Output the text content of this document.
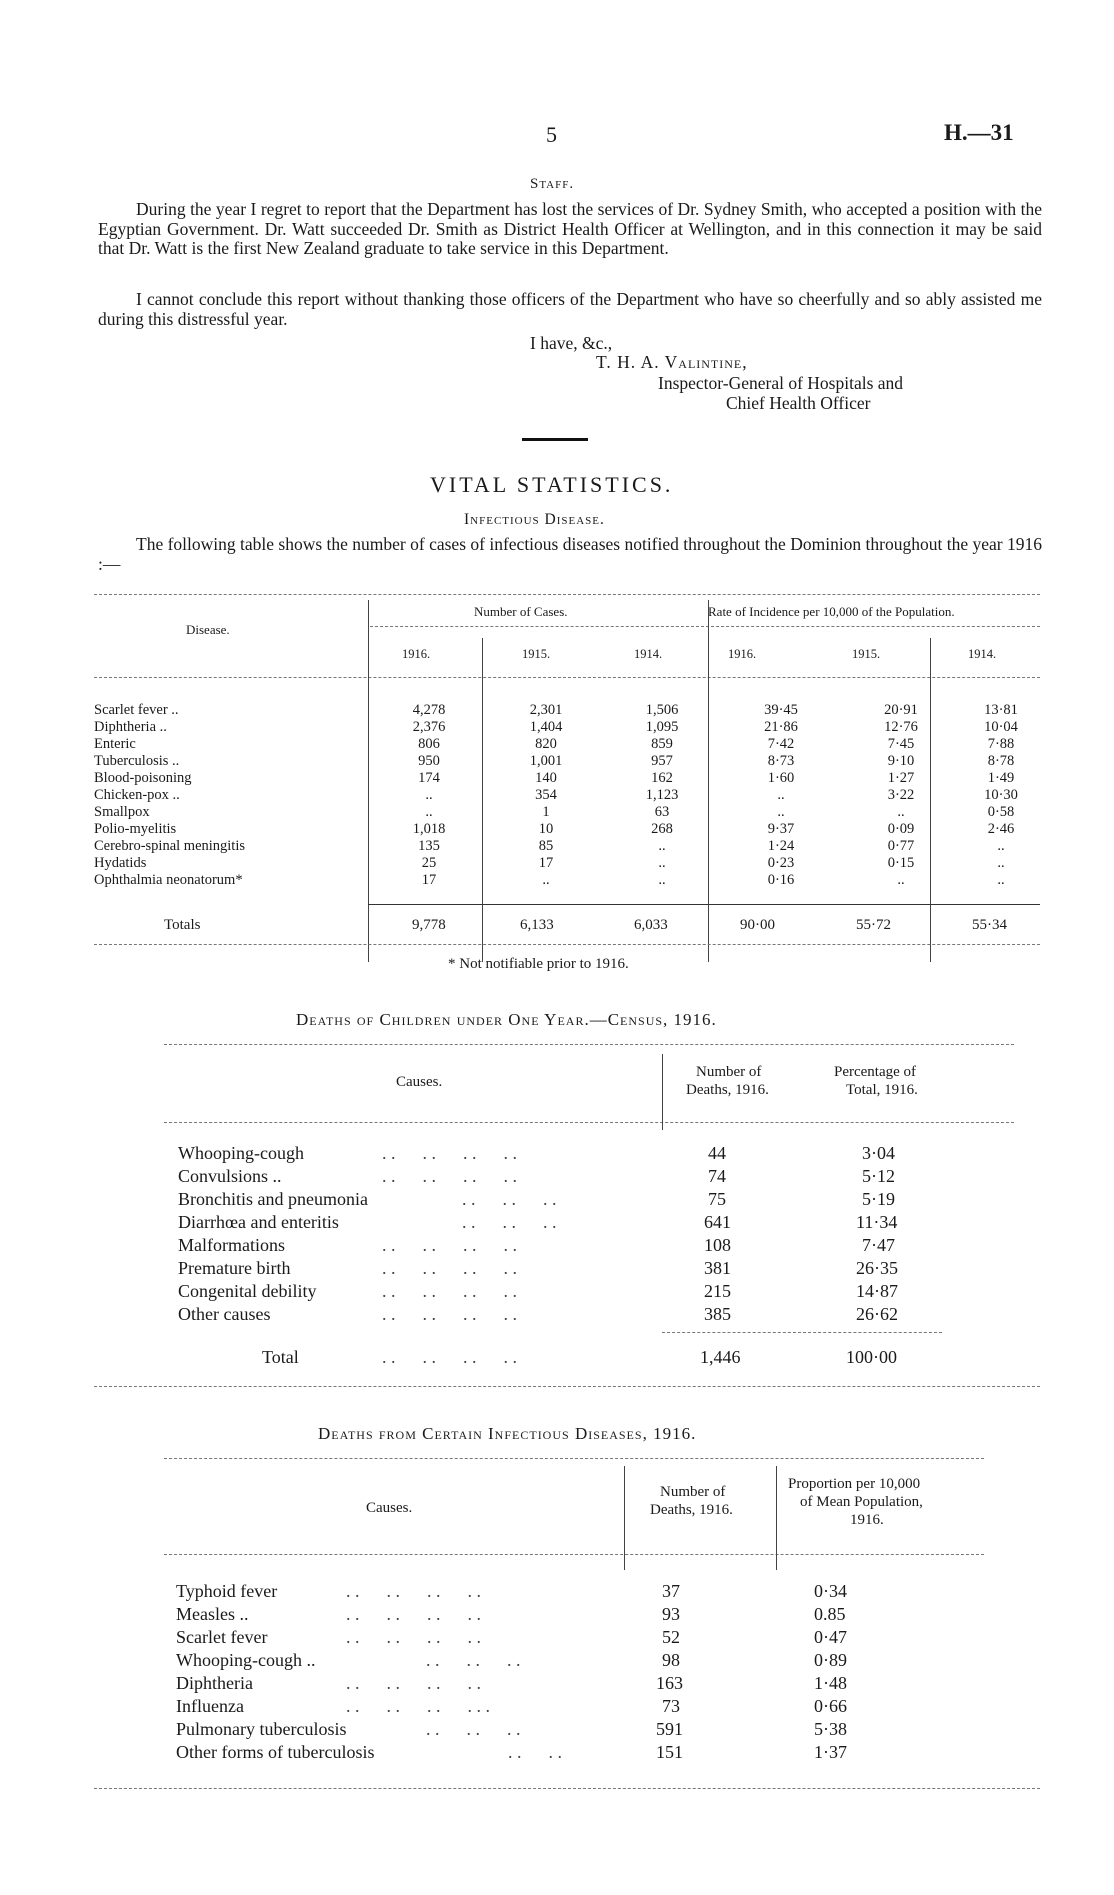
5	H.—31
Staff.
During the year I regret to report that the Department has lost the services of Dr. Sydney Smith, who accepted a position with the Egyptian Government. Dr. Watt succeeded Dr. Smith as District Health Officer at Wellington, and in this connection it may be said that Dr. Watt is the first New Zealand graduate to take service in this Department.
I cannot conclude this report without thanking those officers of the Department who have so cheerfully and so ably assisted me during this distressful year.
I have, &c.,
T. H. A. Valintine,
Inspector-General of Hospitals and
Chief Health Officer
VITAL STATISTICS.
Infectious Disease.
The following table shows the number of cases of infectious diseases notified throughout the Dominion throughout the year 1916 :—
Disease.
Number of Cases.	Rate of Incidence per 10,000 of the Population.
1916.	1915.	1914.	1916.	1915.	1914.
Scarlet fever ..	4,278	2,301	1,506	39·45	20·91	13·81
Diphtheria ..	2,376	1,404	1,095	21·86	12·76	10·04
Enteric	806	820	859	7·42	7·45	7·88
Tuberculosis ..	950	1,001	957	8·73	9·10	8·78
Blood-poisoning	174	140	162	1·60	1·27	1·49
Chicken-pox ..	..	354	1,123	..	3·22	10·30
Smallpox	..	1	63	..	..	0·58
Polio-myelitis	1,018	10	268	9·37	0·09	2·46
Cerebro-spinal meningitis	135	85	..	1·24	0·77	..
Hydatids	25	17	..	0·23	0·15	..
Ophthalmia neonatorum*	17	..	..	0·16	..	..
Totals	9,778	6,133	6,033	90·00	55·72	55·34
* Not notifiable prior to 1916.
Deaths of Children under One Year.—Census, 1916.
Causes.
Number of
Deaths, 1916.
Percentage of
Total, 1916.
Whooping-cough	. .      . .      . .      . .	44	3·04
Convulsions ..	. .      . .      . .      . .	74	5·12
Bronchitis and pneumonia	. .      . .      . .	75	5·19
Diarrhœa and enteritis	. .      . .      . .	641	11·34
Malformations	. .      . .      . .      . .	108	7·47
Premature birth	. .      . .      . .      . .	381	26·35
Congenital debility	. .      . .      . .      . .	215	14·87
Other causes	. .      . .      . .      . .	385	26·62
Total	. .      . .      . .      . .	1,446	100·00
Deaths from Certain Infectious Diseases, 1916.
Causes.
Number of
Deaths, 1916.
Proportion per 10,000
of Mean Population,
1916.
Typhoid fever	. .      . .      . .      . .	37	0·34
Measles ..	. .      . .      . .      . .	93	0.85
Scarlet fever	. .      . .      . .      . .	52	0·47
Whooping-cough ..	. .      . .      . .	98	0·89
Diphtheria	. .      . .      . .      . .	163	1·48
Influenza	. .      . .      . .      . . .	73	0·66
Pulmonary tuberculosis	. .      . .      . .	591	5·38
Other forms of tuberculosis	. .      . .	151	1·37
